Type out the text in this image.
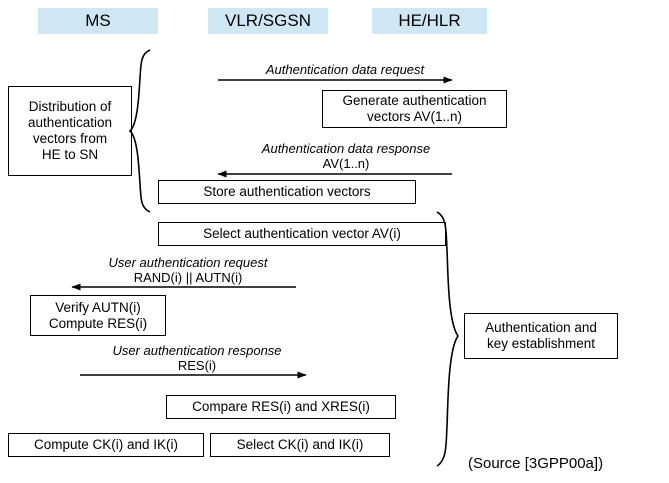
MS	VLR/SGSN	HE/HLR
Distribution of
authentication
vectors from
HE to SN
Authentication and
key establishment
Generate authentication
vectors AV(1..n)
Store authentication vectors
Select authentication vector AV(i)
Verify AUTN(i)
Compute RES(i)
Compare RES(i) and XRES(i)
Compute CK(i) and IK(i)	Select CK(i) and IK(i)
Authentication data request
Authentication data response
AV(1..n)
User authentication request
RAND(i) || AUTN(i)
User authentication response
RES(i)
(Source [3GPP00a])
